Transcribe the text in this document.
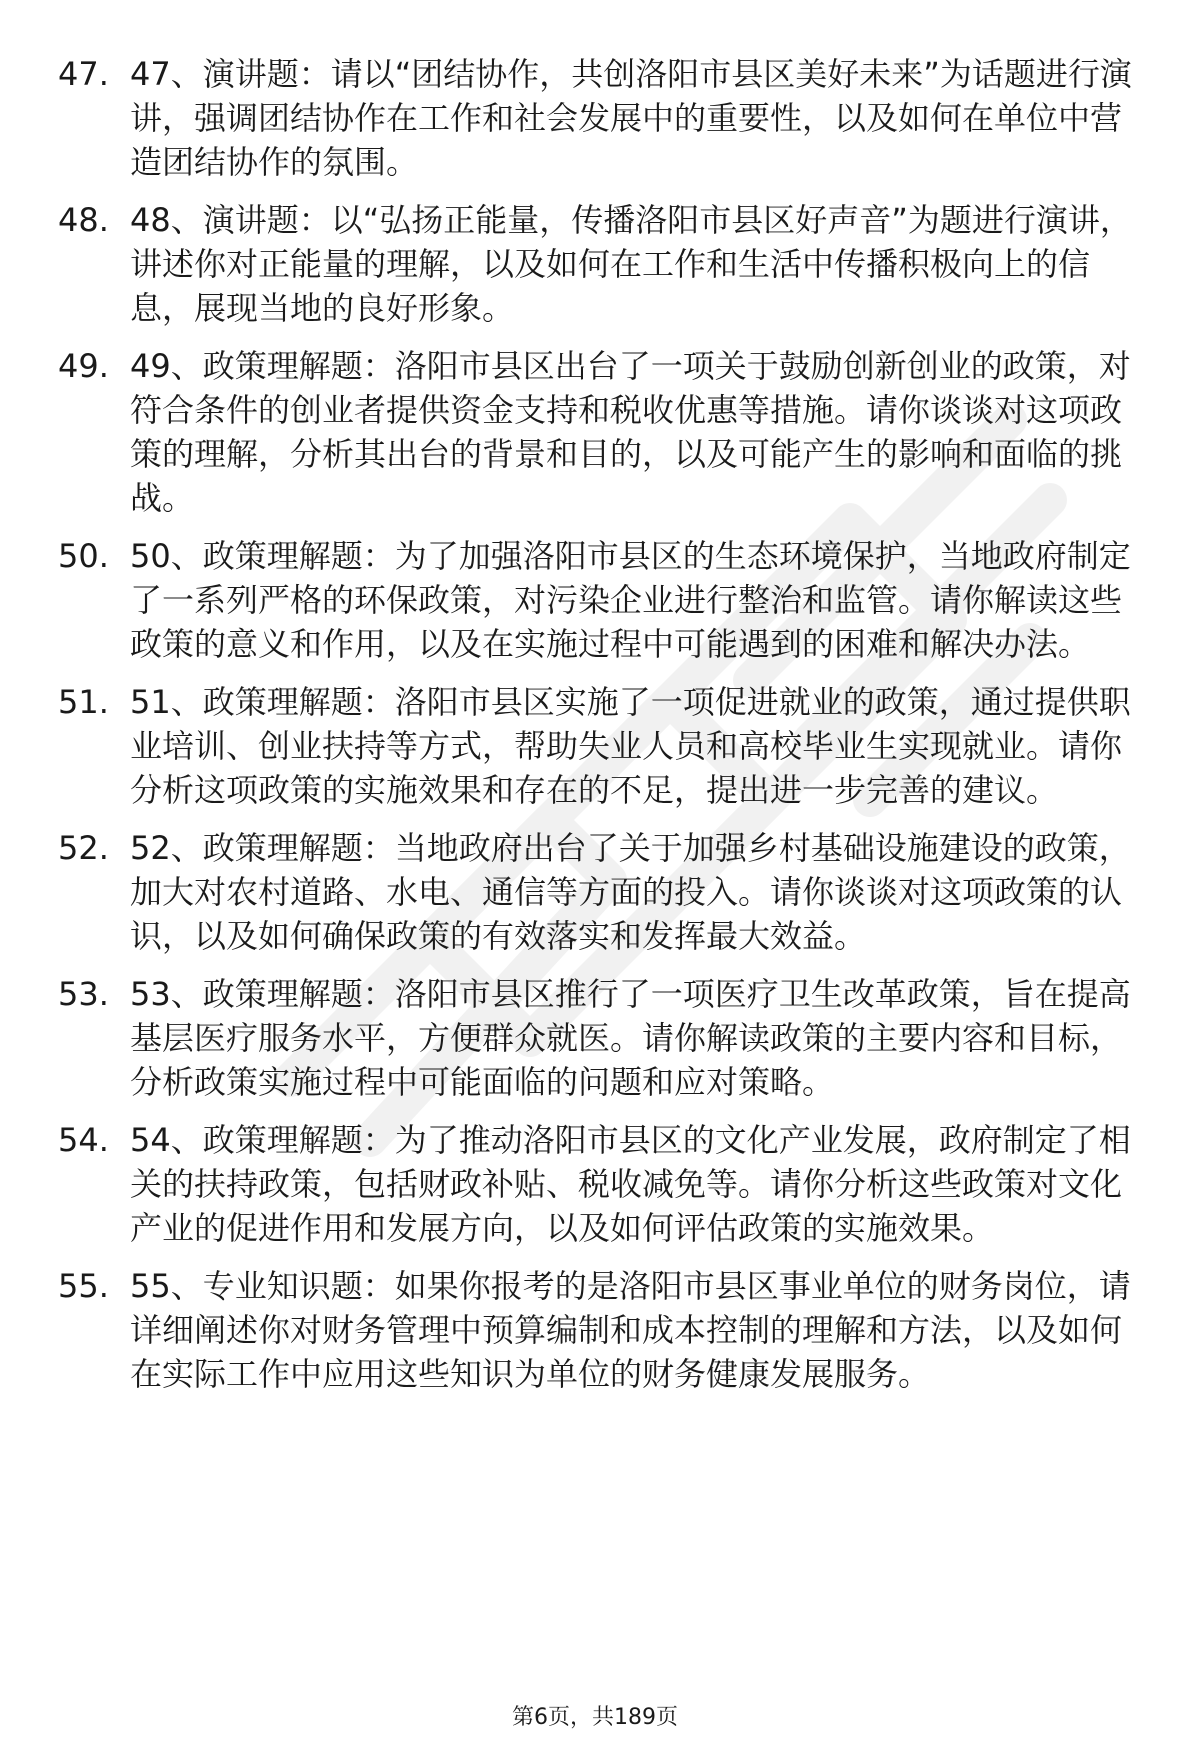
47. 47、演讲题：请以“团结协作，共创洛阳市县区美好未来”为话题进行演讲，强调团结协作在工作和社会发展中的重要性，以及如何在单位中营造团结协作的氛围。
48. 48、演讲题：以“弘扬正能量，传播洛阳市县区好声音”为题进行演讲，讲述你对正能量的理解，以及如何在工作和生活中传播积极向上的信息，展现当地的良好形象。
49. 49、政策理解题：洛阳市县区出台了一项关于鼓励创新创业的政策，对符合条件的创业者提供资金支持和税收优惠等措施。请你谈谈对这项政策的理解，分析其出台的背景和目的，以及可能产生的影响和面临的挑战。
50. 50、政策理解题：为了加强洛阳市县区的生态环境保护，当地政府制定了一系列严格的环保政策，对污染企业进行整治和监管。请你解读这些政策的意义和作用，以及在实施过程中可能遇到的困难和解决办法。
51. 51、政策理解题：洛阳市县区实施了一项促进就业的政策，通过提供职业培训、创业扶持等方式，帮助失业人员和高校毕业生实现就业。请你分析这项政策的实施效果和存在的不足，提出进一步完善的建议。
52. 52、政策理解题：当地政府出台了关于加强乡村基础设施建设的政策，加大对农村道路、水电、通信等方面的投入。请你谈谈对这项政策的认识，以及如何确保政策的有效落实和发挥最大效益。
53. 53、政策理解题：洛阳市县区推行了一项医疗卫生改革政策，旨在提高基层医疗服务水平，方便群众就医。请你解读政策的主要内容和目标，分析政策实施过程中可能面临的问题和应对策略。
54. 54、政策理解题：为了推动洛阳市县区的文化产业发展，政府制定了相关的扶持政策，包括财政补贴、税收减免等。请你分析这些政策对文化产业的促进作用和发展方向，以及如何评估政策的实施效果。
55. 55、专业知识题：如果你报考的是洛阳市县区事业单位的财务岗位，请详细阐述你对财务管理中预算编制和成本控制的理解和方法，以及如何在实际工作中应用这些知识为单位的财务健康发展服务。
第6页，共189页
